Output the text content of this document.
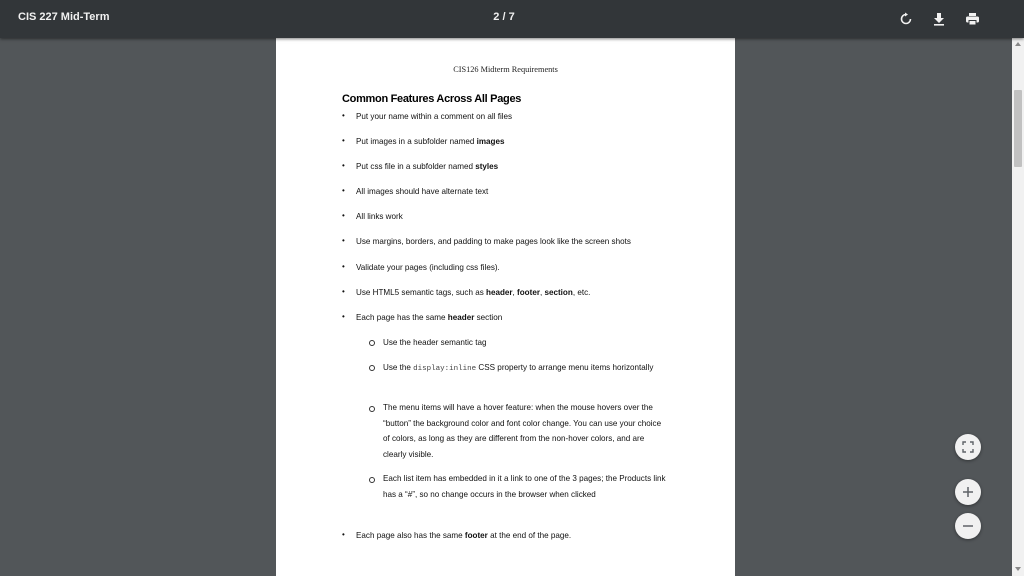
CIS 227 Mid-Term	2 / 7
CIS126 Midterm Requirements
Common Features Across All Pages
• Put your name within a comment on all files
• Put images in a subfolder named images
• Put css file in a subfolder named styles
• All images should have alternate text
• All links work
• Use margins, borders, and padding to make pages look like the screen shots
• Validate your pages (including css files).
• Use HTML5 semantic tags, such as header, footer, section, etc.
• Each page has the same header section
Use the header semantic tag
Use the display:inline CSS property to arrange menu items horizontally
The menu items will have a hover feature: when the mouse hovers over the “button” the background color and font color change. You can use your choice of colors, as long as they are different from the non-hover colors, and are clearly visible.
Each list item has embedded in it a link to one of the 3 pages; the Products link has a “#”, so no change occurs in the browser when clicked
• Each page also has the same footer at the end of the page.
